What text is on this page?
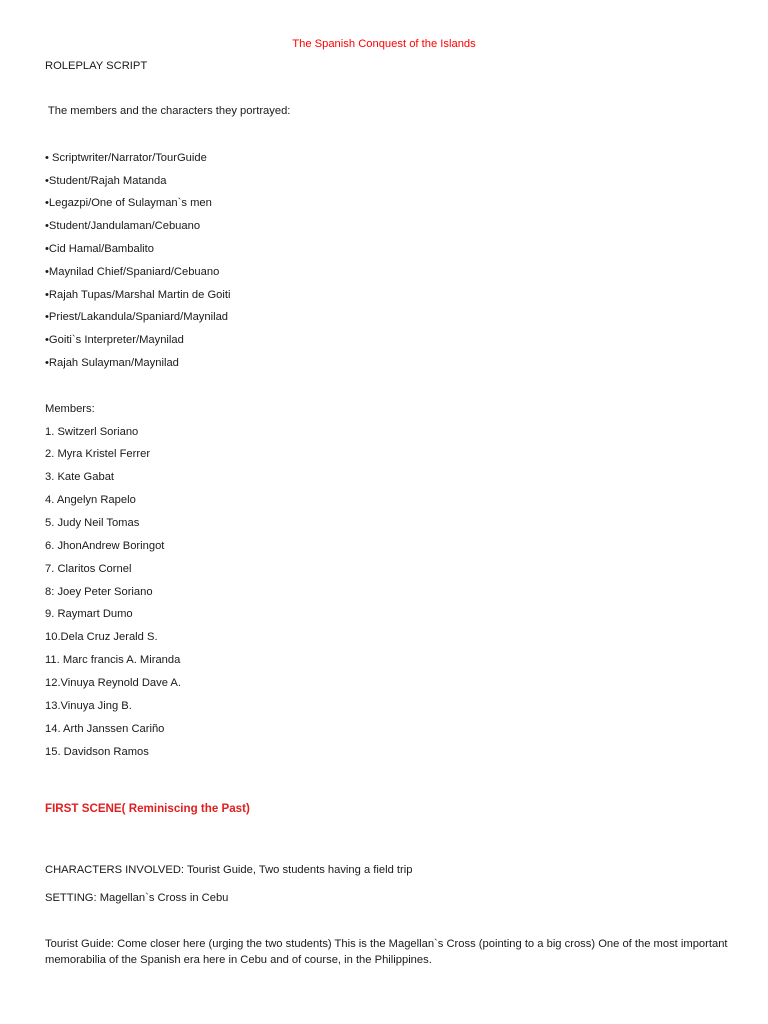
The Spanish Conquest of the Islands
ROLEPLAY SCRIPT
The members and the characters they portrayed:
• Scriptwriter/Narrator/TourGuide
•Student/Rajah Matanda
•Legazpi/One of Sulayman`s men
•Student/Jandulaman/Cebuano
•Cid Hamal/Bambalito
•Maynilad Chief/Spaniard/Cebuano
•Rajah Tupas/Marshal Martin de Goiti
•Priest/Lakandula/Spaniard/Maynilad
•Goiti`s Interpreter/Maynilad
•Rajah Sulayman/Maynilad
Members:
1. Switzerl Soriano
2. Myra Kristel Ferrer
3. Kate Gabat
4. Angelyn Rapelo
5. Judy Neil Tomas
6. JhonAndrew Boringot
7. Claritos Cornel
8: Joey Peter Soriano
9. Raymart Dumo
10.Dela Cruz Jerald S.
11. Marc francis A. Miranda
12.Vinuya Reynold Dave A.
13.Vinuya Jing B.
14. Arth Janssen Cariño
15. Davidson Ramos
FIRST SCENE( Reminiscing the Past)
CHARACTERS INVOLVED: Tourist Guide, Two students having a field trip
SETTING: Magellan`s Cross in Cebu
Tourist Guide: Come closer here (urging the two students) This is the Magellan`s Cross (pointing to a big cross) One of the most important memorabilia of the Spanish era here in Cebu and of course, in the Philippines.
